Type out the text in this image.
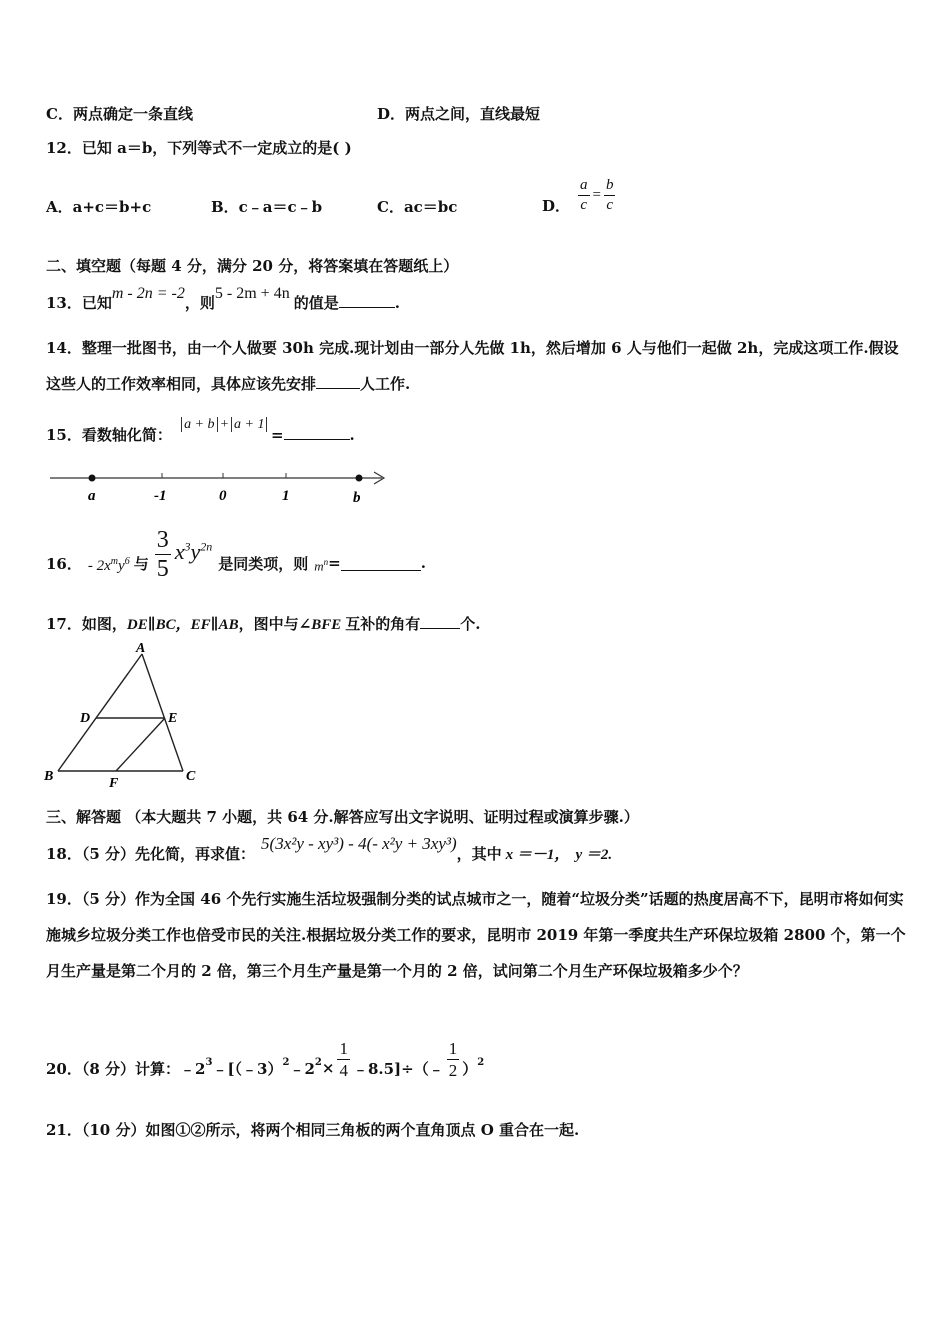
C．两点确定一条直线	D．两点之间，直线最短
12．已知 a＝b，下列等式不一定成立的是( )
A．a+c＝b+c	B．c﹣a＝c﹣b	C．ac＝bc	D． $\frac{a}{c} = \frac{b}{c}$
二、填空题（每题 4 分，满分 20 分，将答案填在答题纸上）
13．已知m - 2n = -2，则5 - 2m + 4n的值是	.
14．整理一批图书，由一个人做要 30h 完成.现计划由一部分人先做 1h，然后增加 6 人与他们一起做 2h，完成这项工作.假设这些人的工作效率相同，具体应该先安排	人工作.
15．看数轴化简： a + b + a + 1 =	.
a	-1	0	1	b
16． - $2x^my^6$ 与 $\frac{3}{5} x^3y^{2n}$
是同类项，则 $m^n$ =	.
17．如图，DE∥BC，EF∥AB，图中与∠BFE 互补的角有	个.
A
D	E
B	F	C
三、解答题 （本大题共 7 小题，共 64 分.解答应写出文字说明、证明过程或演算步骤.）
18．（5 分）先化简，再求值：5(3x²y - xy³) - 4(- x²y + 3xy³)，其中 x ＝－1， y ＝2.
19．（5 分）作为全国 46 个先行实施生活垃圾强制分类的试点城市之一，随着“垃圾分类”话题的热度居高不下，昆明市将如何实施城乡垃圾分类工作也倍受市民的关注.根据垃圾分类工作的要求，昆明市 2019 年第一季度共生产环保垃圾箱 2800 个，第一个月生产量是第二个月的 2 倍，第三个月生产量是第一个月的 2 倍，试问第二个月生产环保垃圾箱多少个？
20．（8 分）计算：$﹣2^3$ ﹣[（﹣3）$^2$ $﹣2^2 \times \frac{1}{4}$ ﹣8.5]÷（﹣ $\frac{1}{2} )^2$
21．（10 分）如图①②所示，将两个相同三角板的两个直角顶点 O 重合在一起.
